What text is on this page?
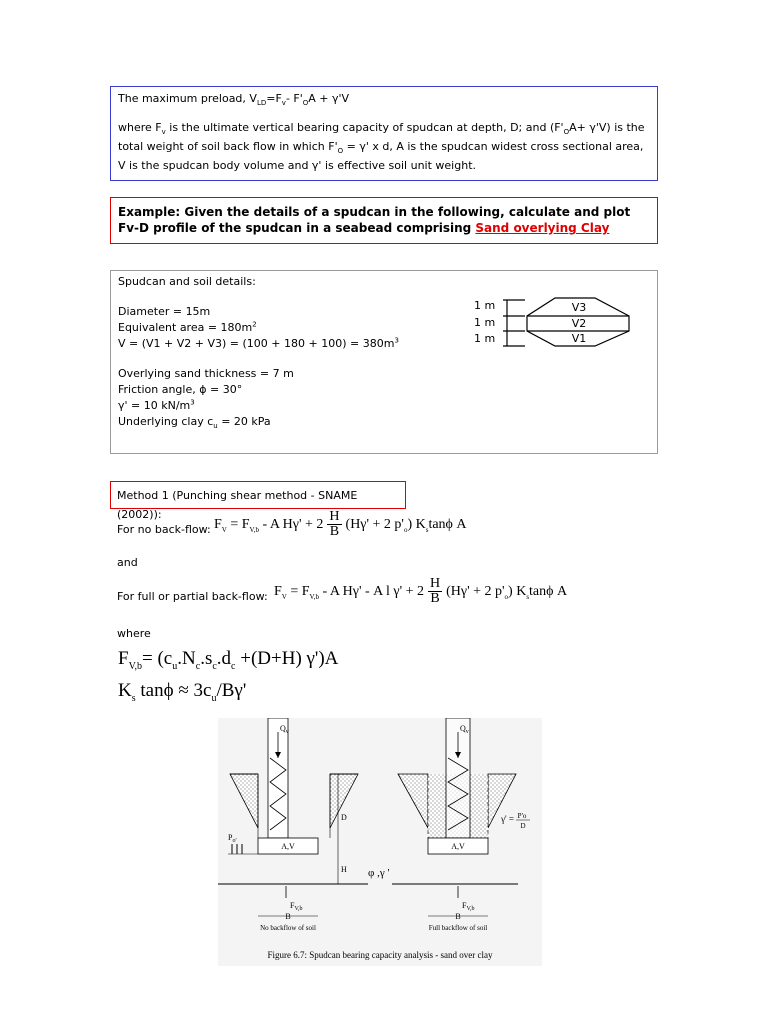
The maximum preload, $V_{LD}=F_v-$ $F'_OA + \gamma'V$
where $F_v$ is the ultimate vertical bearing capacity of spudcan at depth, D; and $(F'_OA+ \gamma'V)$ is the total weight of soil back flow in which $F'_O = \gamma'$ x d, A is the spudcan widest cross sectional area, V is the spudcan body volume and γ' is effective soil unit weight.
Example: Given the details of a spudcan in the following, calculate and plot Fv-D profile of the spudcan in a seabead comprising Sand overlying Clay
Spudcan and soil details:
Diameter = 15m
Equivalent area = $180m^2$
$V = (V1 + V2 + V3) = (100 + 180 + 100) = 380m^3$
Overlying sand thickness = 7 m
Friction angle, ϕ = 30°
γ' = 10 $kN/m^3$
Underlying clay $c_u = 20$ kPa
1 m
1 m
1 m
V3
V2
V1
Method 1 (Punching shear method - SNAME (2002)):
For no back-flow: $F_V = F_{V,b} - A$ $H\gamma' + 2 \frac{H}{B} (H\gamma' + 2$ $p'_o$) $K_s\tan\phi$ A
and
For full or partial back-flow: $F_V = F_{V,b} - A$ Hγ' - A l $\gamma' + 2 \frac{H}{B} (H\gamma' + 2$ $p'_o$) $K_s\tan\phi$ A
where
$F_{V,b}= (c_u.N_c.s_c.d_c +(D+H)$ γ')A
$K_s$ $\tan\phi \approx 3c_u/B\gamma'$
$Q_v$	$Q_v$
$P_{o'}$
A,V	A,V
D
H φ ,γ '
γ' = P'o
D
$F_{V,b}$	$F_{V,b}$
B	B
No backflow of soil	Full backflow of soil
Figure 6.7: Spudcan bearing capacity analysis - sand over clay
